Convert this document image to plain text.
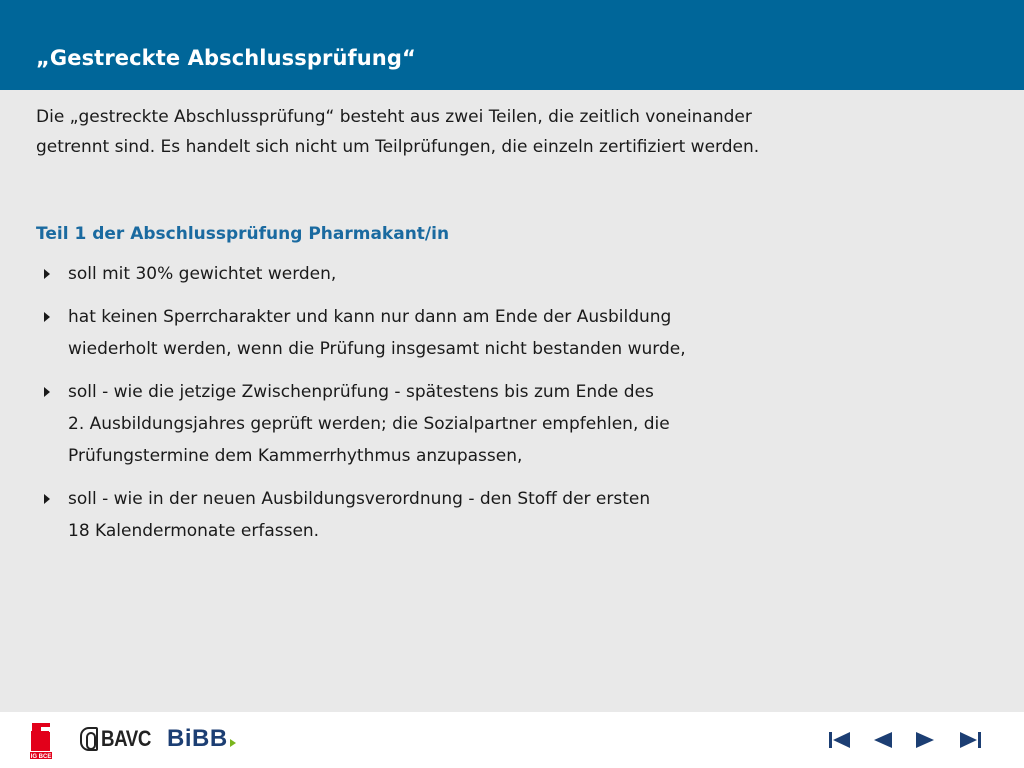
„Gestreckte Abschlussprüfung“

Die „gestreckte Abschlussprüfung“ besteht aus zwei Teilen, die zeitlich voneinander
getrennt sind. Es handelt sich nicht um Teilprüfungen, die einzeln zertifiziert werden.

Teil 1 der Abschlussprüfung Pharmakant/in
soll mit 30% gewichtet werden,
hat keinen Sperrcharakter und kann nur dann am Ende der Ausbildung
wiederholt werden, wenn die Prüfung insgesamt nicht bestanden wurde,
soll - wie die jetzige Zwischenprüfung - spätestens bis zum Ende des
2. Ausbildungsjahres geprüft werden; die Sozialpartner empfehlen, die
Prüfungstermine dem Kammerrhythmus anzupassen,
soll - wie in der neuen Ausbildungsverordnung - den Stoff der ersten
18 Kalendermonate erfassen.
IG BCE
BAVC BiBB
